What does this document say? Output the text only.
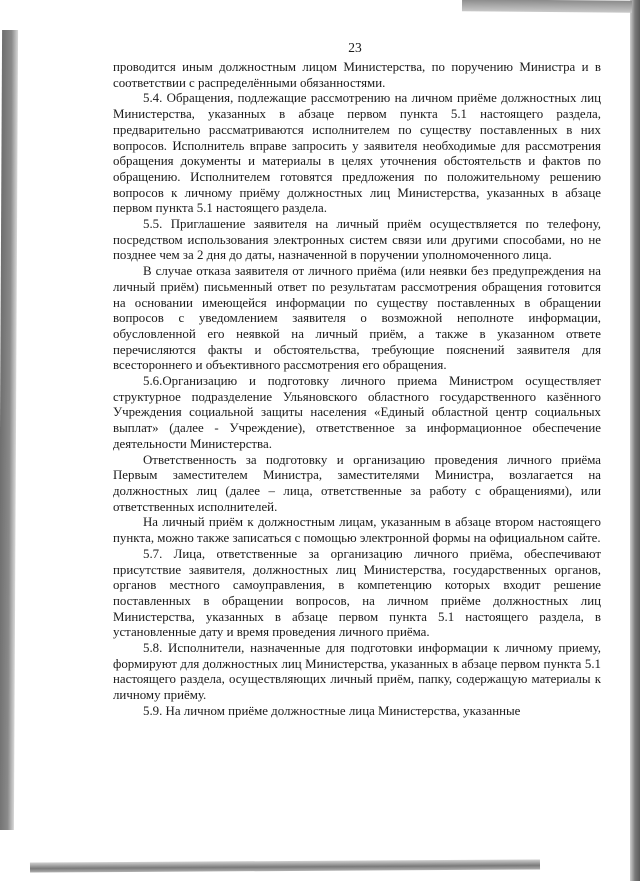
23

проводится иным должностным лицом Министерства, по поручению Министра и в соответствии с распределёнными обязанностями.

5.4. Обращения, подлежащие рассмотрению на личном приёме должностных лиц Министерства, указанных в абзаце первом пункта 5.1 настоящего раздела, предварительно рассматриваются исполнителем по существу поставленных в них вопросов. Исполнитель вправе запросить у заявителя необходимые для рассмотрения обращения документы и материалы в целях уточнения обстоятельств и фактов по обращению. Исполнителем готовятся предложения по положительному решению вопросов к личному приёму должностных лиц Министерства, указанных в абзаце первом пункта 5.1 настоящего раздела.

5.5. Приглашение заявителя на личный приём осуществляется по телефону, посредством использования электронных систем связи или другими способами, но не позднее чем за 2 дня до даты, назначенной в поручении уполномоченного лица.

В случае отказа заявителя от личного приёма (или неявки без предупреждения на личный приём) письменный ответ по результатам рассмотрения обращения готовится на основании имеющейся информации по существу поставленных в обращении вопросов с уведомлением заявителя о возможной неполноте информации, обусловленной его неявкой на личный приём, а также в указанном ответе перечисляются факты и обстоятельства, требующие пояснений заявителя для всестороннего и объективного рассмотрения его обращения.

5.6.Организацию и подготовку личного приема Министром осуществляет структурное подразделение Ульяновского областного государственного казённого Учреждения социальной защиты населения «Единый областной центр социальных выплат» (далее - Учреждение), ответственное за информационное обеспечение деятельности Министерства.

Ответственность за подготовку и организацию проведения личного приёма Первым заместителем Министра, заместителями Министра, возлагается на должностных лиц (далее – лица, ответственные за работу с обращениями), или ответственных исполнителей.

На личный приём к должностным лицам, указанным в абзаце втором настоящего пункта, можно также записаться с помощью электронной формы на официальном сайте.

5.7. Лица, ответственные за организацию личного приёма, обеспечивают присутствие заявителя, должностных лиц Министерства, государственных органов, органов местного самоуправления, в компетенцию которых входит решение поставленных в обращении вопросов, на личном приёме должностных лиц Министерства, указанных в абзаце первом пункта 5.1 настоящего раздела, в установленные дату и время проведения личного приёма.

5.8. Исполнители, назначенные для подготовки информации к личному приему, формируют для должностных лиц Министерства, указанных в абзаце первом пункта 5.1 настоящего раздела, осуществляющих личный приём, папку, содержащую материалы к личному приёму.

5.9. На личном приёме должностные лица Министерства, указанные
